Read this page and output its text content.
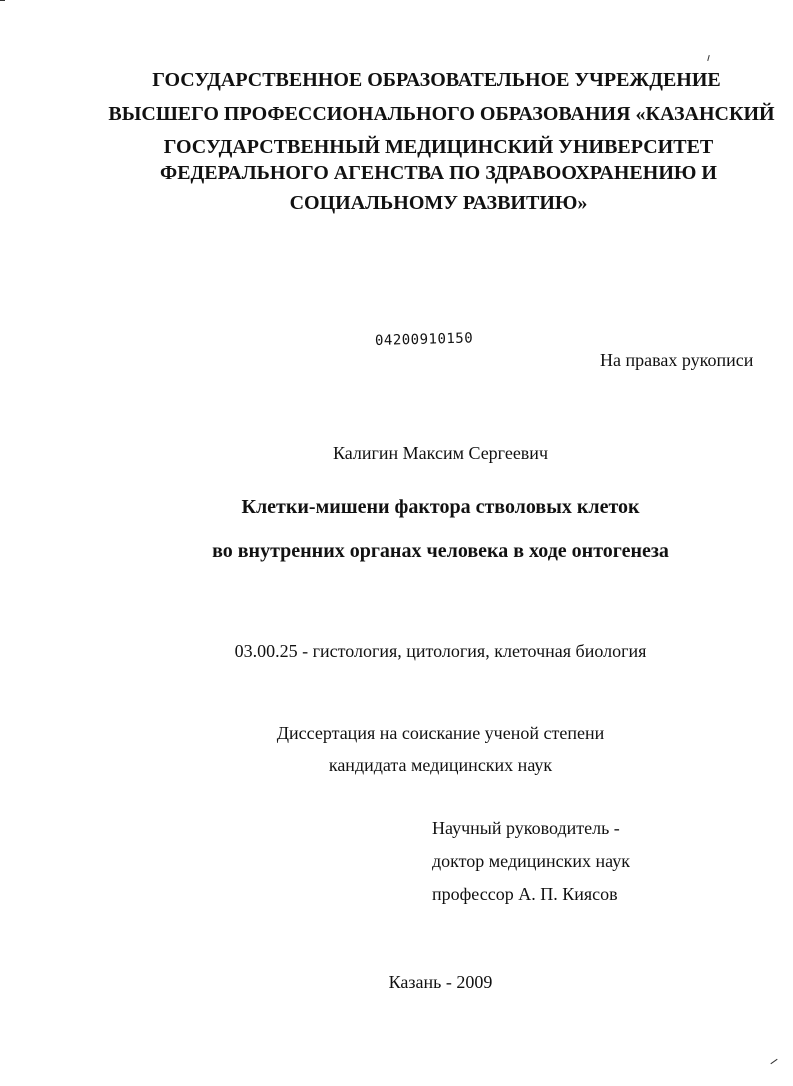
ГОСУДАРСТВЕННОЕ ОБРАЗОВАТЕЛЬНОЕ УЧРЕЖДЕНИЕ
ВЫСШЕГО ПРОФЕССИОНАЛЬНОГО ОБРАЗОВАНИЯ «КАЗАНСКИЙ
ГОСУДАРСТВЕННЫЙ МЕДИЦИНСКИЙ УНИВЕРСИТЕТ
ФЕДЕРАЛЬНОГО АГЕНСТВА ПО ЗДРАВООХРАНЕНИЮ И
СОЦИАЛЬНОМУ РАЗВИТИЮ»
04200910150
На правах рукописи
Калигин Максим Сергеевич
Клетки-мишени фактора стволовых клеток
во внутренних органах человека в ходе онтогенеза
03.00.25 - гистология, цитология, клеточная биология
Диссертация на соискание ученой степени
кандидата медицинских наук
Научный руководитель -
доктор медицинских наук
профессор А. П. Киясов
Казань - 2009
